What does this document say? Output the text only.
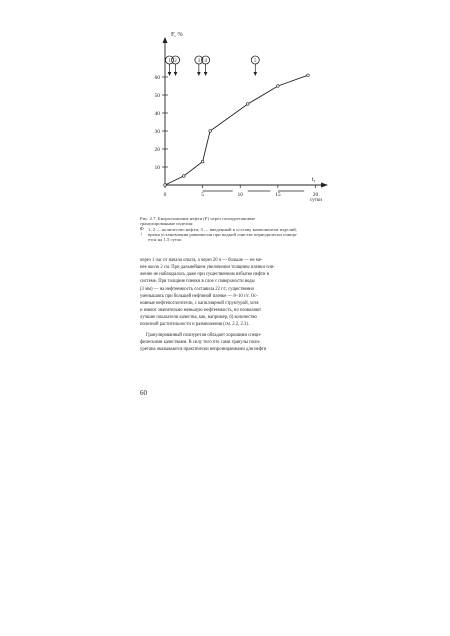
F, %
t,
сутки
10
20
30
40
50
60
0	5	10	15	20
1 2	3 4	5
Рис. 2.7. Биоразложение нефти (F) через полиуретановые
гранулированные изделия:
⦶ 1, 2 — количество нефти; 3 — введенный к составу компонентов изделий,
↓ время установления равновесия при водной очистке периодически очища-
ется на 1,5 суток
через 1 час от начала опыта, а через 20 ч — больше — не ме-
нее около 2 см. При дальнейшем увеличении толщины пленки сни-
жение не наблюдалось даже при существенном избытке нефти в
системе. При толщине пленки в слое с поверхности воды
(3 мм) — на нефтеемкость составила 22 г/г, существенно
уменьшаясь при большей нефтяной пленке — 8–10 г/г. Ос-
новные нефтепоглотители, с капиллярной структурой, хотя
и имеют значительно меньшую нефтеемкость, но позволяют
лучшие показатели качества, как, например, 6) количество
полезной растительности и размножения (см. 2.2, 2.3).
Гранулированный полиуретан обладает хорошими специ-
фическими качествами. В силу того что сами гранулы поли-
уретана оказываются практически непроницаемыми для нефти
60
